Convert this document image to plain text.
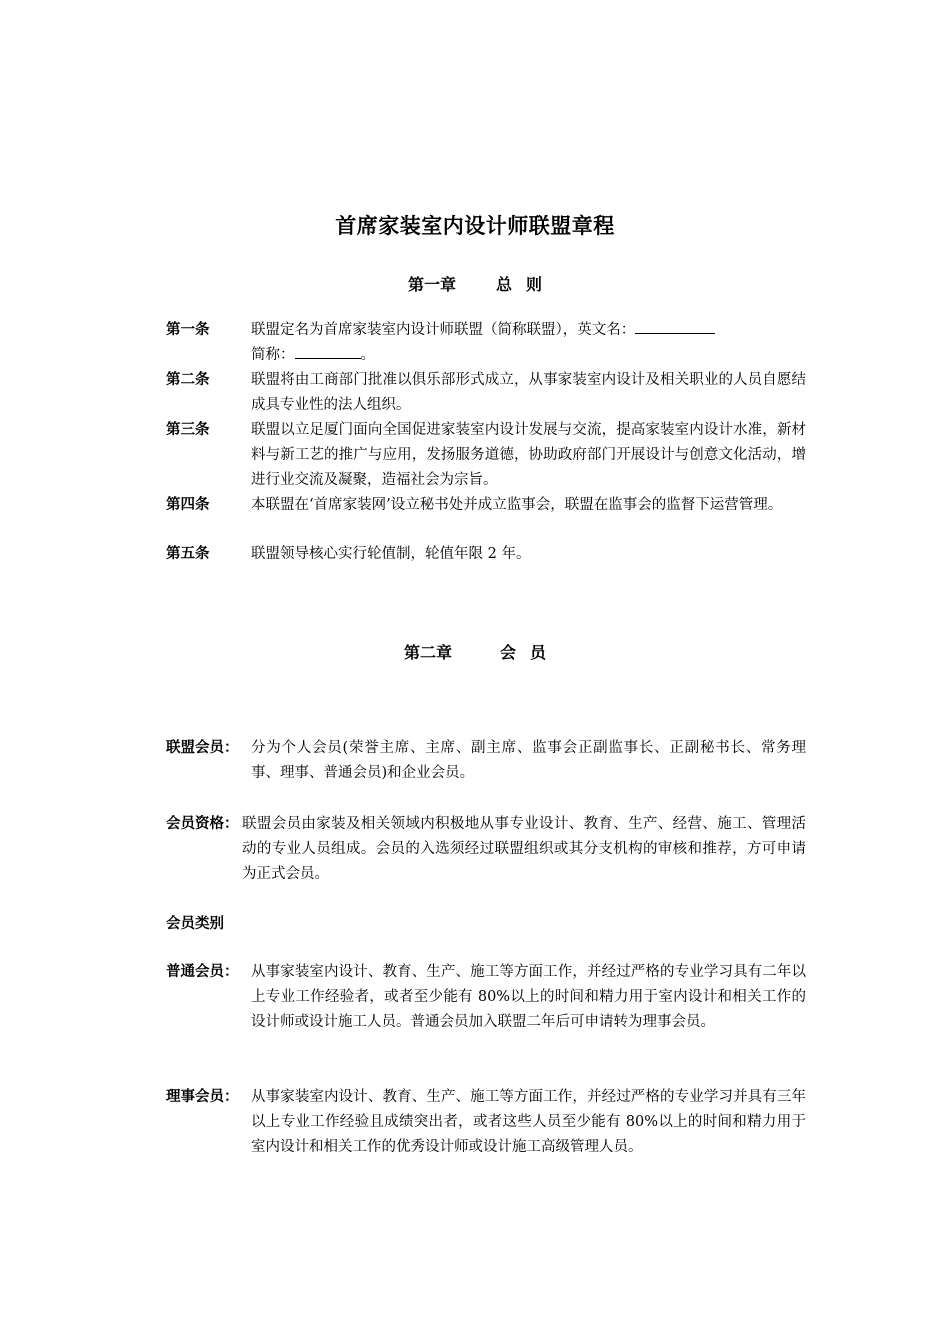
首席家装室内设计师联盟章程
第一章	总 则
第一条	联盟定名为首席家装室内设计师联盟（简称联盟），英文名：
简称：	。
第二条	联盟将由工商部门批准以俱乐部形式成立，从事家装室内设计及相关职业的人员自愿结成具专业性的法人组织。
第三条	联盟以立足厦门面向全国促进家装室内设计发展与交流，提高家装室内设计水准，新材料与新工艺的推广与应用，发扬服务道德，协助政府部门开展设计与创意文化活动，增进行业交流及凝聚，造福社会为宗旨。
第四条	本联盟在‘首席家装网’设立秘书处并成立监事会，联盟在监事会的监督下运营管理。
第五条	联盟领导核心实行轮值制，轮值年限 2 年。
第二章	会 员
联盟会员： 分为个人会员(荣誉主席、主席、副主席、监事会正副监事长、正副秘书长、常务理事、理事、普通会员)和企业会员。
会员资格： 联盟会员由家装及相关领域内积极地从事专业设计、教育、生产、经营、施工、管理活动的专业人员组成。会员的入选须经过联盟组织或其分支机构的审核和推荐，方可申请为正式会员。
会员类别
普通会员： 从事家装室内设计、教育、生产、施工等方面工作，并经过严格的专业学习具有二年以上专业工作经验者，或者至少能有 80%以上的时间和精力用于室内设计和相关工作的设计师或设计施工人员。普通会员加入联盟二年后可申请转为理事会员。
理事会员： 从事家装室内设计、教育、生产、施工等方面工作，并经过严格的专业学习并具有三年以上专业工作经验且成绩突出者，或者这些人员至少能有 80%以上的时间和精力用于室内设计和相关工作的优秀设计师或设计施工高级管理人员。
